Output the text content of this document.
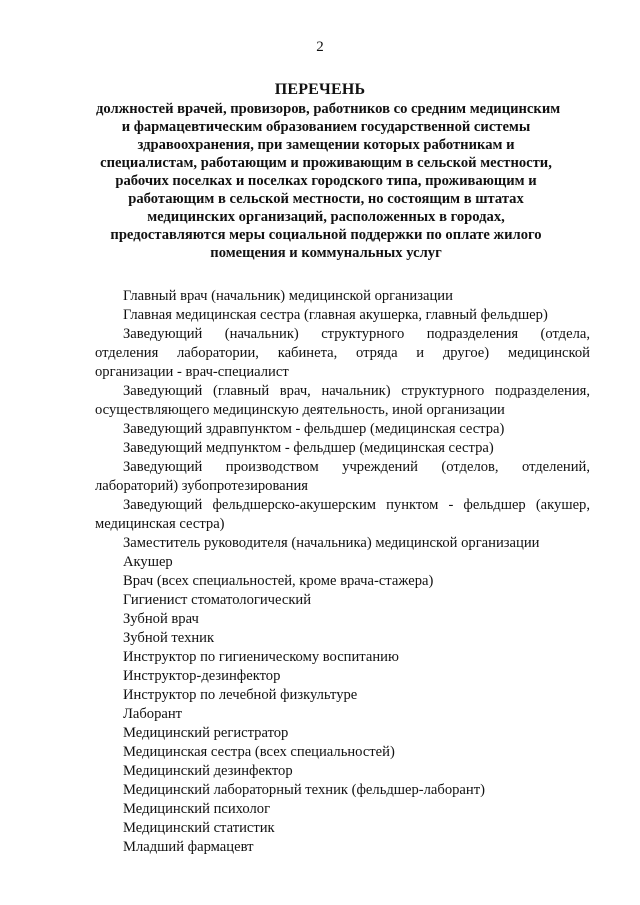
2
ПЕРЕЧЕНЬ
должностей врачей, провизоров, работников со средним медицинским
и фармацевтическим образованием государственной системы
здравоохранения, при замещении которых работникам и
специалистам, работающим и проживающим в сельской местности,
рабочих поселках и поселках городского типа, проживающим и
работающим в сельской местности, но состоящим в штатах
медицинских организаций, расположенных в городах,
предоставляются меры социальной поддержки по оплате жилого
помещения и коммунальных услуг

Главный врач (начальник) медицинской организации

Главная медицинская сестра (главная акушерка, главный фельдшер)

Заведующий (начальник) структурного подразделения (отдела,
отделения лаборатории, кабинета, отряда и другое) медицинской
организации - врач-специалист

Заведующий (главный врач, начальник) структурного подразделения,
осуществляющего медицинскую деятельность, иной организации

Заведующий здравпунктом - фельдшер (медицинская сестра)

Заведующий медпунктом - фельдшер (медицинская сестра)

Заведующий производством учреждений (отделов, отделений,
лабораторий) зубопротезирования

Заведующий фельдшерско-акушерским пунктом - фельдшер (акушер,
медицинская сестра)

Заместитель руководителя (начальника) медицинской организации

Акушер

Врач (всех специальностей, кроме врача-стажера)

Гигиенист стоматологический

Зубной врач

Зубной техник

Инструктор по гигиеническому воспитанию

Инструктор-дезинфектор

Инструктор по лечебной физкультуре

Лаборант

Медицинский регистратор

Медицинская сестра (всех специальностей)

Медицинский дезинфектор

Медицинский лабораторный техник (фельдшер-лаборант)

Медицинский психолог

Медицинский статистик

Младший фармацевт
